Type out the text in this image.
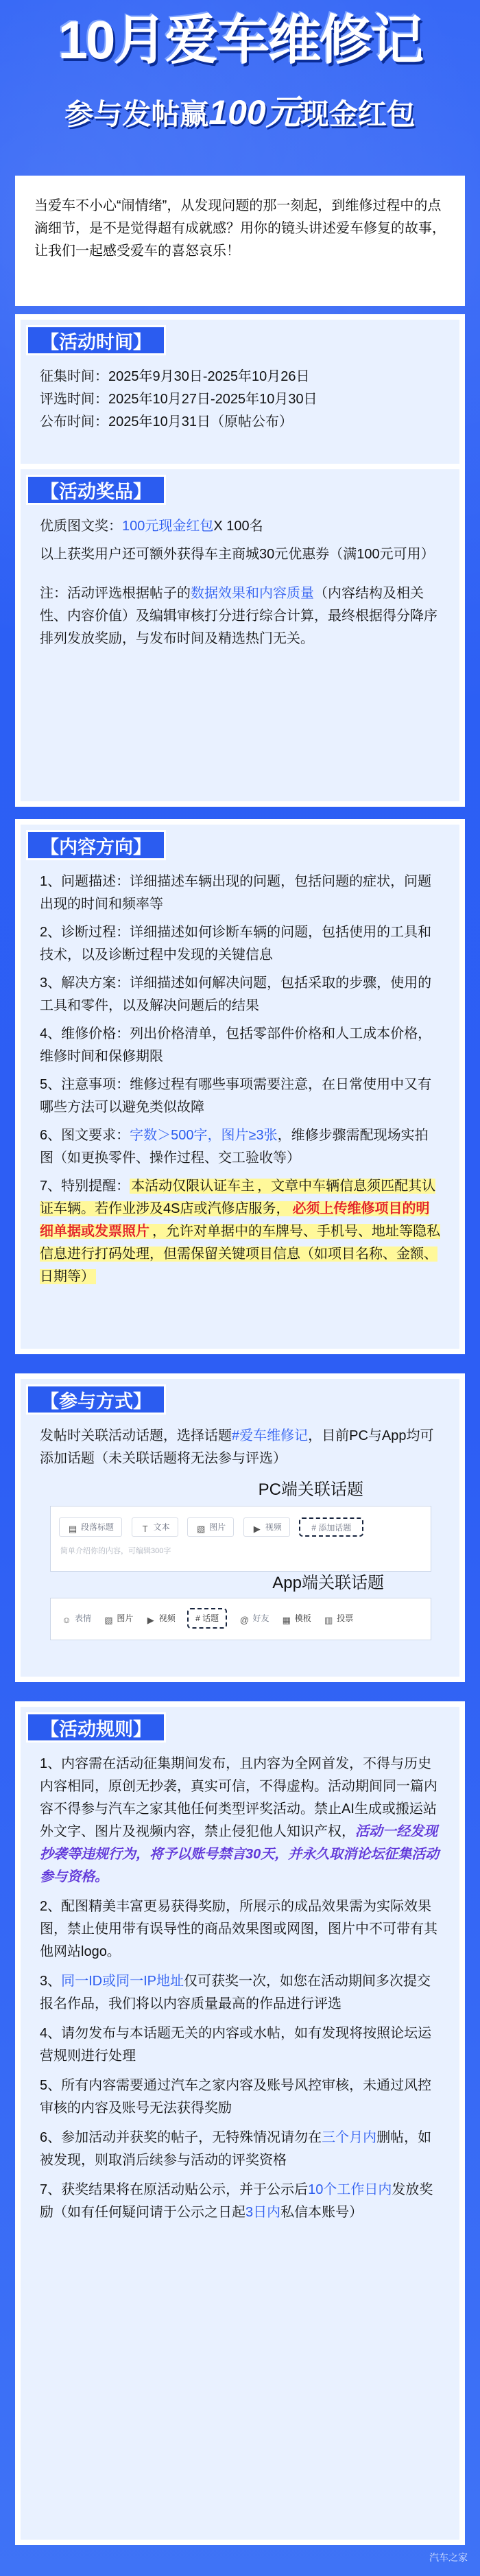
10月爱车维修记
参与发帖赢100元现金红包
当爱车不小心“闹情绪”，从发现问题的那一刻起，到维修过程中的点滴细节，是不是觉得超有成就感？用你的镜头讲述爱车修复的故事，让我们一起感受爱车的喜怒哀乐！
【活动时间】
征集时间：2025年9月30日-2025年10月26日
评选时间：2025年10月27日-2025年10月30日
公布时间：2025年10月31日（原帖公布）
【活动奖品】
优质图文奖：100元现金红包X 100名
以上获奖用户还可额外获得车主商城30元优惠券（满100元可用）
注：活动评选根据帖子的数据效果和内容质量（内容结构及相关性、内容价值）及编辑审核打分进行综合计算，最终根据得分降序排列发放奖励，与发布时间及精选热门无关。
【内容方向】
1、问题描述：详细描述车辆出现的问题，包括问题的症状，问题出现的时间和频率等
2、诊断过程：详细描述如何诊断车辆的问题，包括使用的工具和技术，以及诊断过程中发现的关键信息
3、解决方案：详细描述如何解决问题，包括采取的步骤，使用的工具和零件，以及解决问题后的结果
4、维修价格：列出价格清单，包括零部件价格和人工成本价格，维修时间和保修期限
5、注意事项：维修过程有哪些事项需要注意，在日常使用中又有哪些方法可以避免类似故障
6、图文要求：字数＞500字，图片≥3张，维修步骤需配现场实拍图（如更换零件、操作过程、交工验收等）
7、特别提醒： 本活动仅限认证车主 ，文章中车辆信息须匹配其认证车辆。若作业涉及4S店或汽修店服务， 必须上传维修项目的明细单据或发票照片 ，允许对单据中的车牌号、手机号、地址等隐私信息进行打码处理，但需保留关键项目信息（如项目名称、金额、日期等）
【参与方式】
发帖时关联活动话题，选择话题#爱车维修记，目前PC与App均可添加话题（未关联话题将无法参与评选）
PC端关联话题
▤ 段落标题	T 文本	▧ 图片	▶ 视频	# 添加话题
简单介绍你的内容，可编辑300字
App端关联话题
☺ 表情 ▧ 图片 ▶ 视频 # 话题 @ 好友 ▦ 模板 ▥ 投票
【活动规则】
1、内容需在活动征集期间发布，且内容为全网首发，不得与历史内容相同，原创无抄袭，真实可信，不得虚构。活动期间同一篇内容不得参与汽车之家其他任何类型评奖活动。禁止AI生成或搬运站外文字、图片及视频内容，禁止侵犯他人知识产权，活动一经发现抄袭等违规行为，将予以账号禁言30天，并永久取消论坛征集活动参与资格。
2、配图精美丰富更易获得奖励，所展示的成品效果需为实际效果图，禁止使用带有误导性的商品效果图或网图，图片中不可带有其他网站logo。
3、同一ID或同一IP地址仅可获奖一次，如您在活动期间多次提交报名作品，我们将以内容质量最高的作品进行评选
4、请勿发布与本话题无关的内容或水帖，如有发现将按照论坛运营规则进行处理
5、所有内容需要通过汽车之家内容及账号风控审核，未通过风控审核的内容及账号无法获得奖励
6、参加活动并获奖的帖子，无特殊情况请勿在三个月内删帖，如被发现，则取消后续参与活动的评奖资格
7、获奖结果将在原活动贴公示，并于公示后10个工作日内发放奖励（如有任何疑问请于公示之日起3日内私信本账号）
汽车之家
